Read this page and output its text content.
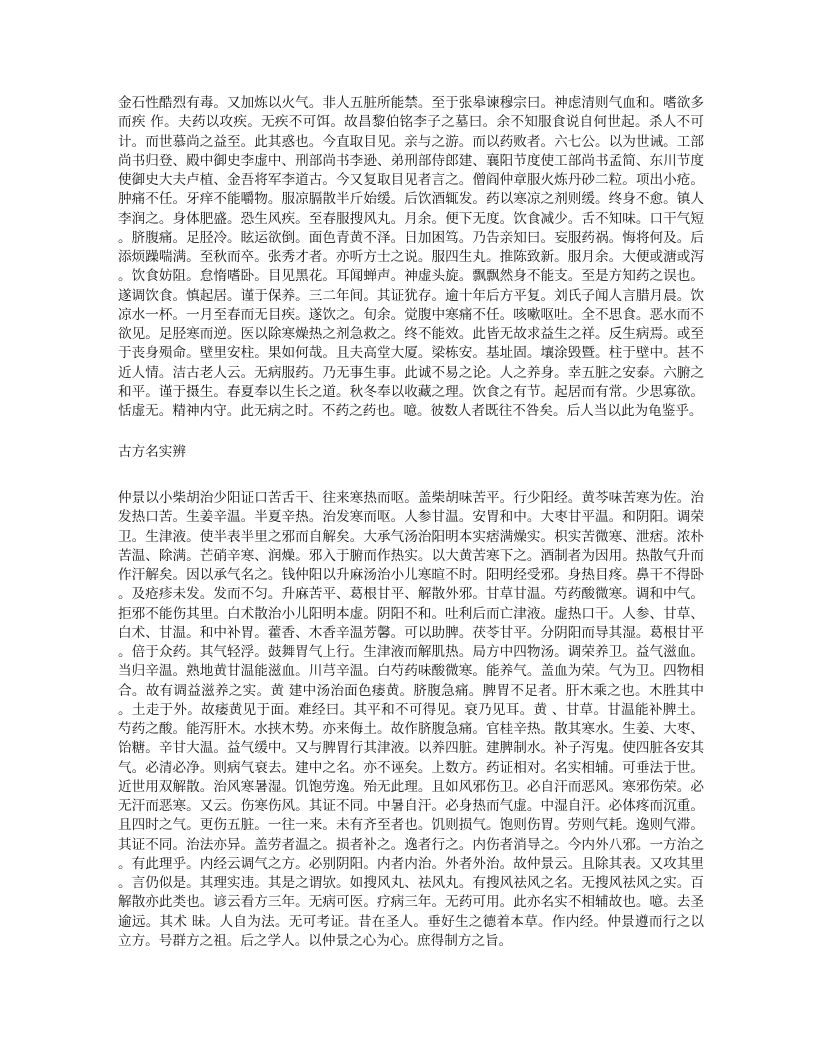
金石性酷烈有毒。又加炼以火气。非人五脏所能禁。至于张皋谏穆宗曰。神虑清则气血和。嗜欲多而疾 作。夫药以攻疾。无疾不可饵。故昌黎伯铭李子之墓曰。余不知服食说自何世起。杀人不可计。而世慕尚之益至。此其惑也。今直取目见。亲与之游。而以药败者。六七公。以为世诫。工部尚书归登、殿中御史李虚中、刑部尚书李逊、弟刑部侍郎建、襄阳节度使工部尚书孟简、东川节度使御史大夫卢植、金吾将军李道古。今又复取目见者言之。僧阎仲章服火炼丹砂二粒。项出小疮。肿痛不任。牙痒不能嚼物。服凉膈散半斤始缓。后饮酒辄发。药以寒凉之剂则缓。终身不愈。镇人李润之。身体肥盛。恐生风疾。至春服搜风丸。月余。便下无度。饮食减少。舌不知味。口干气短。脐腹痛。足胫冷。眩运欲倒。面色青黄不泽。日加困笃。乃告亲知曰。妄服药祸。悔将何及。后添烦躁喘满。至秋而卒。张秀才者。亦听方士之说。服四生丸。推陈致新。服月余。大便或溏或泻。饮食妨阻。怠惰嗜卧。目见黑花。耳闻蝉声。神虚头旋。飘飘然身不能支。至是方知药之误也。遂调饮食。慎起居。谨于保养。三二年间。其证犹存。逾十年后方平复。刘氏子闻人言腊月晨。饮凉水一杯。一月至春而无目疾。遂饮之。旬余。觉腹中寒痛不任。咳嗽呕吐。全不思食。恶水而不欲见。足胫寒而逆。医以除寒燥热之剂急救之。终不能效。此皆无故求益生之祥。反生病焉。或至于丧身殒命。壁里安柱。果如何哉。且夫高堂大厦。梁栋安。基址固。壤涂毁暨。柱于壁中。甚不近人情。洁古老人云。无病服药。乃无事生事。此诚不易之论。人之养身。幸五脏之安泰。六腑之和平。谨于摄生。春夏奉以生长之道。秋冬奉以收藏之理。饮食之有节。起居而有常。少思寡欲。恬虚无。精神内守。此无病之时。不药之药也。噫。彼数人者既往不咎矣。后人当以此为龟鉴乎。

古方名实辨

仲景以小柴胡治少阳证口苦舌干、往来寒热而呕。盖柴胡味苦平。行少阳经。黄芩味苦寒为佐。治发热口苦。生姜辛温。半夏辛热。治发寒而呕。人参甘温。安胃和中。大枣甘平温。和阴阳。调荣卫。生津液。使半表半里之邪而自解矣。大承气汤治阳明本实痞满燥实。枳实苦微寒、泄痞。浓朴苦温、除满。芒硝辛寒、润燥。邪入于腑而作热实。以大黄苦寒下之。酒制者为因用。热散气升而作汗解矣。因以承气名之。钱仲阳以升麻汤治小儿寒暄不时。阳明经受邪。身热目疼。鼻干不得卧。及疮疹未发。发而不匀。升麻苦平、葛根甘平、解散外邪。甘草甘温。芍药酸微寒。调和中气。拒邪不能伤其里。白术散治小儿阳明本虚。阴阳不和。吐利后而亡津液。虚热口干。人参、甘草、白术、甘温。和中补胃。藿香、木香辛温芳馨。可以助脾。茯苓甘平。分阴阳而导其湿。葛根甘平。倍于众药。其气轻浮。鼓舞胃气上行。生津液而解肌热。局方中四物汤。调荣养卫。益气滋血。当归辛温。熟地黄甘温能滋血。川芎辛温。白芍药味酸微寒。能养气。盖血为荣。气为卫。四物相合。故有调益滋养之实。黄 建中汤治面色痿黄。脐腹急痛。脾胃不足者。肝木乘之也。木胜其中。土走于外。故痿黄见于面。难经曰。其平和不可得见。衰乃见耳。黄 、甘草。甘温能补脾土。芍药之酸。能泻肝木。水挟木势。亦来侮土。故作脐腹急痛。官桂辛热。散其寒水。生姜、大枣、饴糖。辛甘大温。益气缓中。又与脾胃行其津液。以养四脏。建脾制水。补子泻鬼。使四脏各安其气。必清必净。则病气衰去。建中之名。亦不诬矣。上数方。药证相对。名实相辅。可垂法于世。近世用双解散。治风寒暑湿。饥饱劳逸。殆无此理。且如风邪伤卫。必自汗而恶风。寒邪伤荣。必无汗而恶寒。又云。伤寒伤风。其证不同。中暑自汗。必身热而气虚。中湿自汗。必体疼而沉重。且四时之气。更伤五脏。一往一来。未有齐至者也。饥则损气。饱则伤胃。劳则气耗。逸则气滞。其证不同。治法亦异。盖劳者温之。损者补之。逸者行之。内伤者消导之。今内外八邪。一方治之。有此理乎。内经云调气之方。必别阴阳。内者内治。外者外治。故仲景云。且除其表。又攻其里。言仍似是。其理实违。其是之谓欤。如搜风丸、祛风丸。有搜风祛风之名。无搜风祛风之实。百解散亦此类也。谚云看方三年。无病可医。疗病三年。无药可用。此亦名实不相辅故也。噫。去圣逾远。其术 昧。人自为法。无可考证。昔在圣人。垂好生之德着本草。作内经。仲景遵而行之以立方。号群方之祖。后之学人。以仲景之心为心。庶得制方之旨。
